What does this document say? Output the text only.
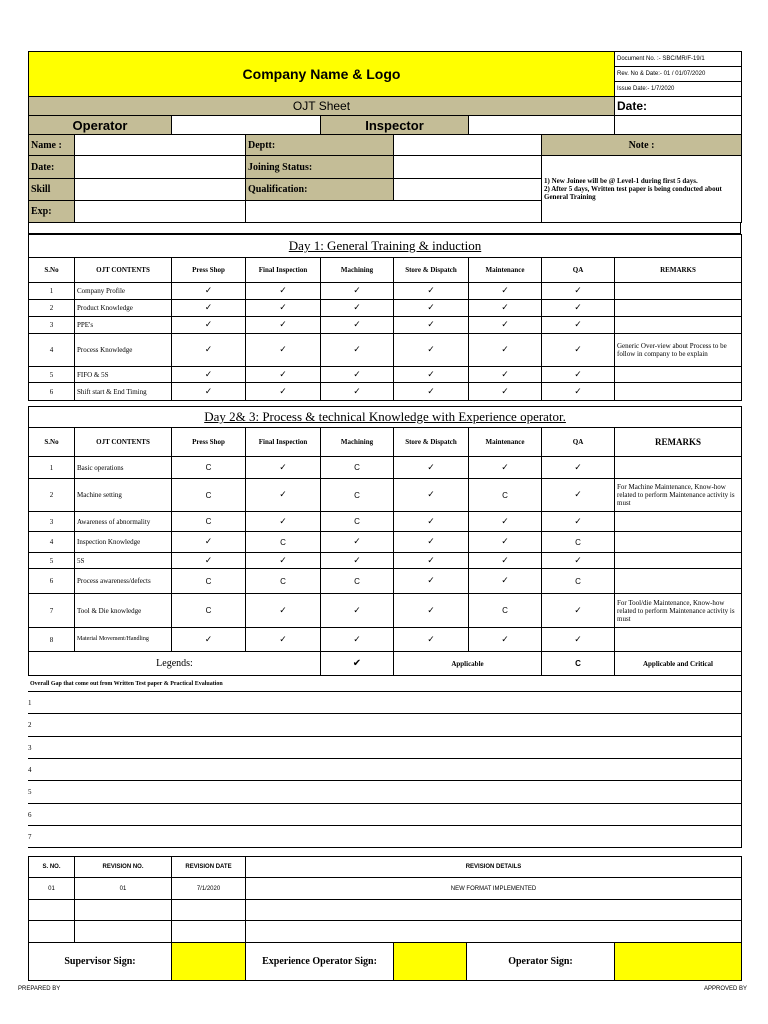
Company Name & Logo	Document No. :- SBC/MR/F-19/1
Rev. No & Date:- 01 / 01/07/2020
Issue Date:- 1/7/2020
OJT Sheet	Date:
Operator		Inspector		
Name :		Deptt:		Note :
Date:		Joining Status:		1) New Joinee will be @ Level-1 during first 5 days.
2) After 5 days, Written test paper is being conducted about General Training

Skill		Qualification:		
Exp:				
Day 1: General Training & induction								
S.No	OJT CONTENTS	Press Shop	Final Inspection	Machining	Store & Dispatch	Maintenance	QA	REMARKS
1	Company Profile	✓	✓	✓	✓	✓	✓	
2	Product Knowledge	✓	✓	✓	✓	✓	✓	
3	PPE's	✓	✓	✓	✓	✓	✓	
4	Process Knowledge	✓	✓	✓	✓	✓	✓	Generic Over-view about Process to be follow in company to be explain
5	FIFO & 5S	✓	✓	✓	✓	✓	✓	
6	Shift start & End Timing	✓	✓	✓	✓	✓	✓	
Day 2& 3: Process & technical Knowledge with Experience operator.								
S.No	OJT CONTENTS	Press Shop	Final Inspection	Machining	Store & Dispatch	Maintenance	QA	REMARKS
1	Basic operations	C	✓	C	✓	✓	✓	
2	Machine setting	C	✓	C	✓	C	✓	For Machine Maintenance, Know-how related to perform Maintenance activity is must
3	Awareness of abnormality	C	✓	C	✓	✓	✓	
4	Inspection Knowledge	✓	C	✓	✓	✓	C	
5	5S	✓	✓	✓	✓	✓	✓	
6	Process awareness/defects	C	C	C	✓	✓	C	
7	Tool & Die knowledge	C	✓	✓	✓	C	✓	For Tool/die Maintenance, Know-how related to perform Maintenance activity is must
8	Material Movement/Handling	✓	✓	✓	✓	✓	✓	
Legends:	✔	Applicable	C	Applicable and Critical
Overall Gap that come out from Written Test paper & Practical Evaluation
1
2
3
4
5
6
7
S. NO.	REVISION NO.	REVISION DATE	REVISION DETAILS
01	01	7/1/2020	NEW FORMAT IMPLEMENTED

Supervisor Sign:		Experience Operator Sign:		Operator Sign:	
PREPARED BY	APPROVED BY
